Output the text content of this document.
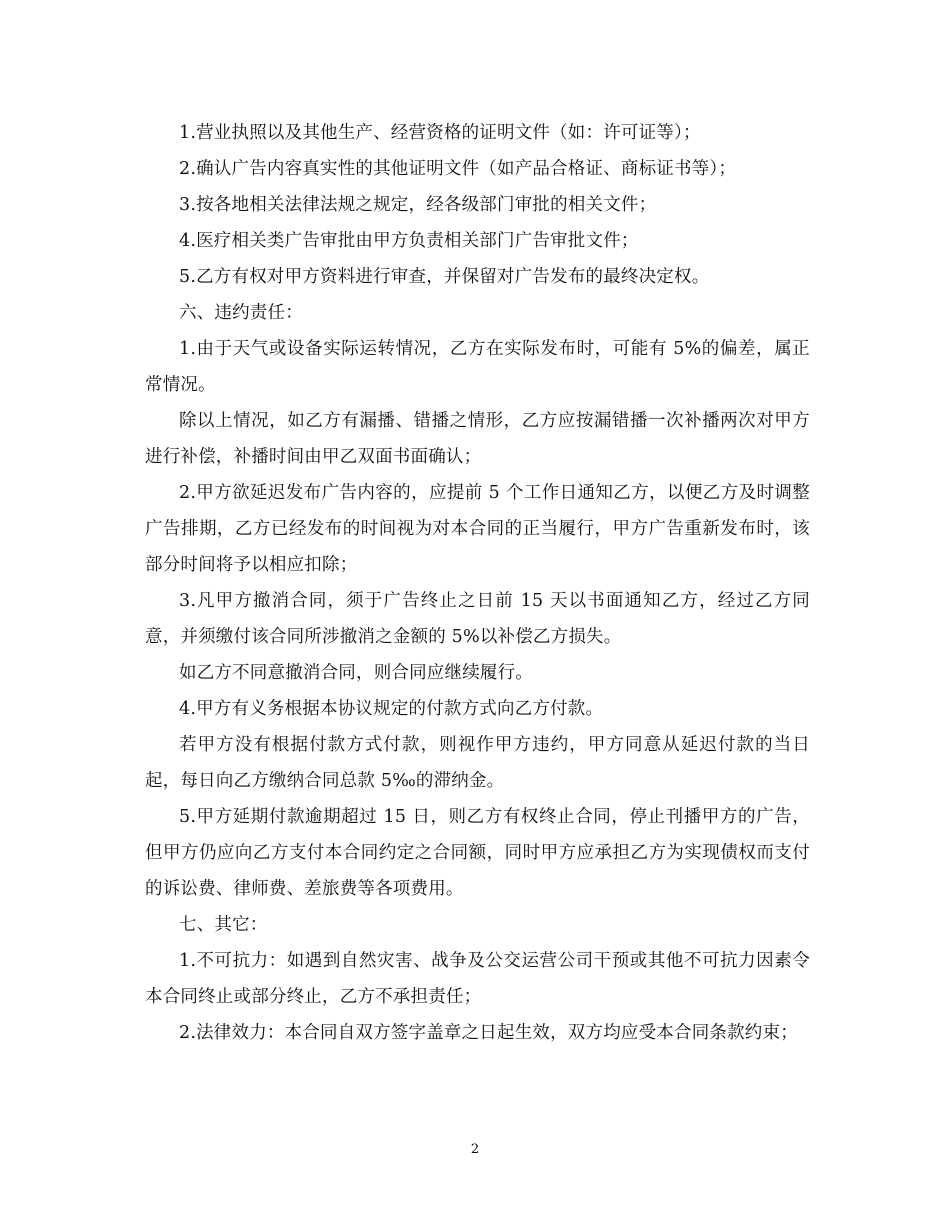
1.营业执照以及其他生产、经营资格的证明文件（如：许可证等）；

2.确认广告内容真实性的其他证明文件（如产品合格证、商标证书等）；

3.按各地相关法律法规之规定，经各级部门审批的相关文件；

4.医疗相关类广告审批由甲方负责相关部门广告审批文件；

5.乙方有权对甲方资料进行审查，并保留对广告发布的最终决定权。

六、违约责任：

1.由于天气或设备实际运转情况，乙方在实际发布时，可能有 5%的偏差，属正常情况。

除以上情况，如乙方有漏播、错播之情形，乙方应按漏错播一次补播两次对甲方进行补偿，补播时间由甲乙双面书面确认；

2.甲方欲延迟发布广告内容的，应提前 5 个工作日通知乙方，以便乙方及时调整广告排期，乙方已经发布的时间视为对本合同的正当履行，甲方广告重新发布时，该部分时间将予以相应扣除；

3.凡甲方撤消合同，须于广告终止之日前 15 天以书面通知乙方，经过乙方同意，并须缴付该合同所涉撤消之金额的 5%以补偿乙方损失。

如乙方不同意撤消合同，则合同应继续履行。

4.甲方有义务根据本协议规定的付款方式向乙方付款。

若甲方没有根据付款方式付款，则视作甲方违约，甲方同意从延迟付款的当日起，每日向乙方缴纳合同总款 5‰的滞纳金。

5.甲方延期付款逾期超过 15 日，则乙方有权终止合同，停止刊播甲方的广告，但甲方仍应向乙方支付本合同约定之合同额，同时甲方应承担乙方为实现债权而支付的诉讼费、律师费、差旅费等各项费用。

七、其它：

1.不可抗力：如遇到自然灾害、战争及公交运营公司干预或其他不可抗力因素令本合同终止或部分终止，乙方不承担责任；

2.法律效力：本合同自双方签字盖章之日起生效，双方均应受本合同条款约束；

2
